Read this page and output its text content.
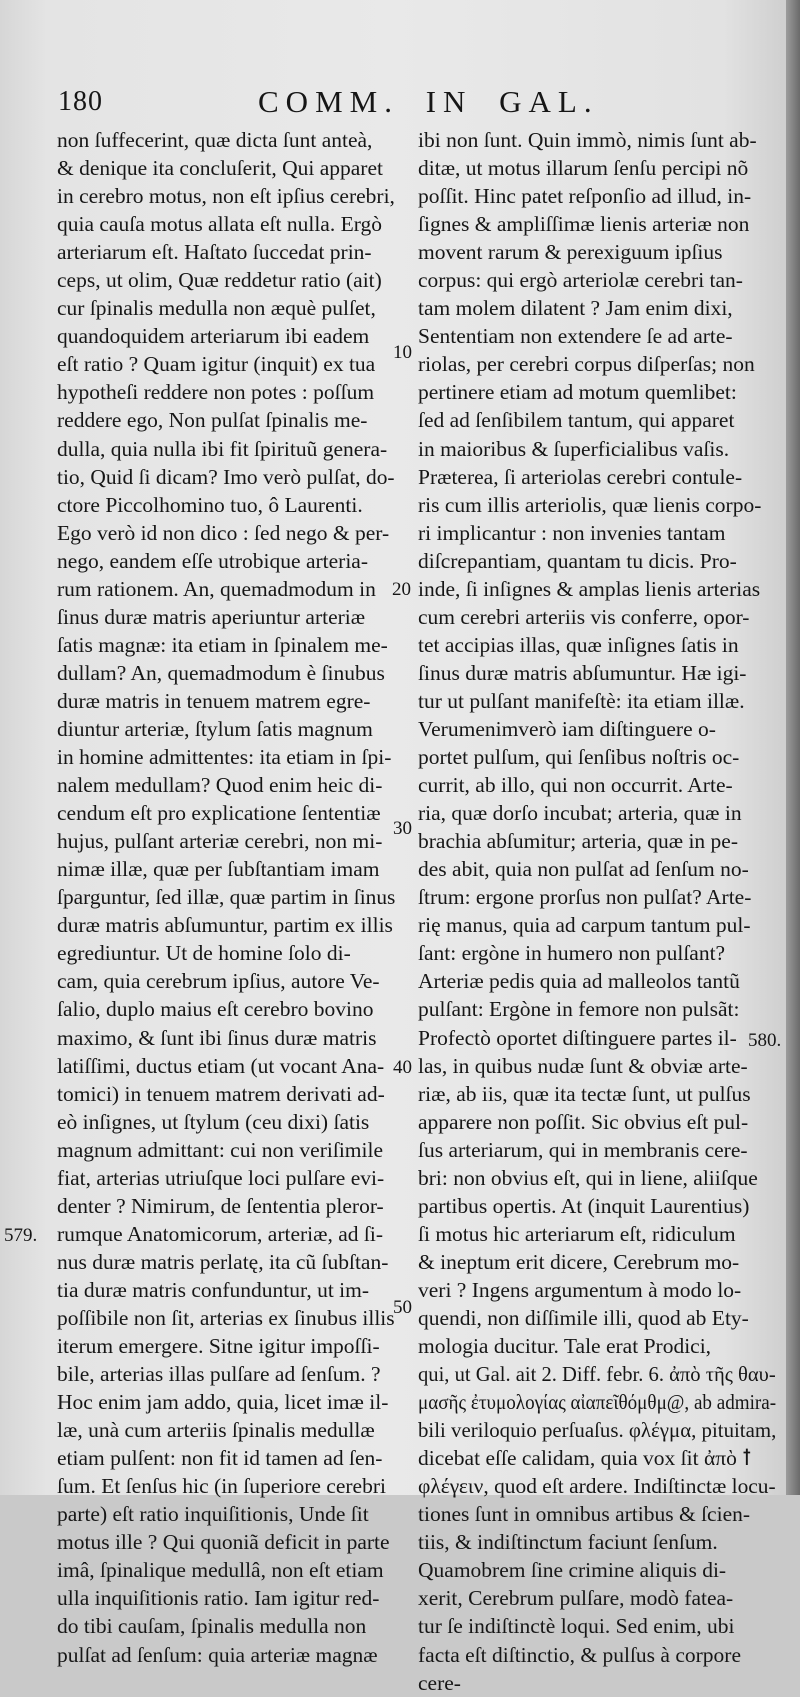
180	COMM. IN GAL.
non ſuffecerint, quæ dicta ſunt anteà,
& denique ita concluſerit, Qui apparet
in cerebro motus, non eſt ipſius cerebri,
quia cauſa motus allata eſt nulla. Ergò
arteriarum eſt. Haſtato ſuccedat prin-
ceps, ut olim, Quæ reddetur ratio (ait)
cur ſpinalis medulla non æquè pulſet,
quandoquidem arteriarum ibi eadem
eſt ratio ? Quam igitur (inquit) ex tua
hypotheſi reddere non potes : poſſum
reddere ego, Non pulſat ſpinalis me-
dulla, quia nulla ibi fit ſpirituũ genera-
tio, Quid ſi dicam? Imo verò pulſat, do-
ctore Piccolhomino tuo, ô Laurenti.
Ego verò id non dico : ſed nego & per-
nego, eandem eſſe utrobique arteria-
rum rationem. An, quemadmodum in
ſinus duræ matris aperiuntur arteriæ
ſatis magnæ: ita etiam in ſpinalem me-
dullam? An, quemadmodum è ſinubus
duræ matris in tenuem matrem egre-
diuntur arteriæ, ſtylum ſatis magnum
in homine admittentes: ita etiam in ſpi-
nalem medullam? Quod enim heic di-
cendum eſt pro explicatione ſententiæ
hujus, pulſant arteriæ cerebri, non mi-
nimæ illæ, quæ per ſubſtantiam imam
ſparguntur, ſed illæ, quæ partim in ſinus
duræ matris abſumuntur, partim ex illis
egrediuntur. Ut de homine ſolo di-
cam, quia cerebrum ipſius, autore Ve-
ſalio, duplo maius eſt cerebro bovino
maximo, & ſunt ibi ſinus duræ matris
latiſſimi, ductus etiam (ut vocant Ana-
tomici) in tenuem matrem derivati ad-
eò inſignes, ut ſtylum (ceu dixi) ſatis
magnum admittant: cui non veriſimile
fiat, arterias utriuſque loci pulſare evi-
denter ? Nimirum, de ſententia pleror-
rumque Anatomicorum, arteriæ, ad ſi-
nus duræ matris perlatę, ita cũ ſubſtan-
tia duræ matris confunduntur, ut im-
poſſibile non ſit, arterias ex ſinubus illis
iterum emergere. Sitne igitur impoſſi-
bile, arterias illas pulſare ad ſenſum. ?
Hoc enim jam addo, quia, licet imæ il-
læ, unà cum arteriis ſpinalis medullæ
etiam pulſent: non fit id tamen ad ſen-
ſum. Et ſenſus hic (in ſuperiore cerebri
parte) eſt ratio inquiſitionis, Unde ſit
motus ille ? Qui quoniã deficit in parte
imâ, ſpinalique medullâ, non eſt etiam
ulla inquiſitionis ratio. Iam igitur red-
do tibi cauſam, ſpinalis medulla non
pulſat ad ſenſum: quia arteriæ magnæ
ibi non ſunt. Quin immò, nimis ſunt ab-
ditæ, ut motus illarum ſenſu percipi nõ
poſſit. Hinc patet reſponſio ad illud, in-
ſignes & ampliſſimæ lienis arteriæ non
movent rarum & perexiguum ipſius
corpus: qui ergò arteriolæ cerebri tan-
tam molem dilatent ? Jam enim dixi,
Sententiam non extendere ſe ad arte-
riolas, per cerebri corpus diſperſas; non
pertinere etiam ad motum quemlibet:
ſed ad ſenſibilem tantum, qui apparet
in maioribus & ſuperficialibus vaſis.
Præterea, ſi arteriolas cerebri contule-
ris cum illis arteriolis, quæ lienis corpo-
ri implicantur : non invenies tantam
diſcrepantiam, quantam tu dicis. Pro-
inde, ſi inſignes & amplas lienis arterias
cum cerebri arteriis vis conferre, opor-
tet accipias illas, quæ inſignes ſatis in
ſinus duræ matris abſumuntur. Hæ igi-
tur ut pulſant manifeſtè: ita etiam illæ.
Verumenimverò iam diſtinguere o-
portet pulſum, qui ſenſibus noſtris oc-
currit, ab illo, qui non occurrit. Arte-
ria, quæ dorſo incubat; arteria, quæ in
brachia abſumitur; arteria, quæ in pe-
des abit, quia non pulſat ad ſenſum no-
ſtrum: ergone prorſus non pulſat? Arte-
rię manus, quia ad carpum tantum pul-
ſant: ergòne in humero non pulſant?
Arteriæ pedis quia ad malleolos tantũ
pulſant: Ergòne in femore non pulsãt:
Profectò oportet diſtinguere partes il-
las, in quibus nudæ ſunt & obviæ arte-
riæ, ab iis, quæ ita tectæ ſunt, ut pulſus
apparere non poſſit. Sic obvius eſt pul-
ſus arteriarum, qui in membranis cere-
bri: non obvius eſt, qui in liene, aliiſque
partibus opertis. At (inquit Laurentius)
ſi motus hic arteriarum eſt, ridiculum
& ineptum erit dicere, Cerebrum mo-
veri ? Ingens argumentum à modo lo-
quendi, non diſſimile illi, quod ab Ety-
mologia ducitur. Tale erat Prodici,
qui, ut Gal. ait 2. Diff. febr. 6. ἀπὸ τῆς θαυ-
μασῆς ἐτυμολογίας αἰαπεῖθόμθμ@, ab admira-
bili veriloquio perſuaſus. φλέγμα, pituitam,
dicebat eſſe calidam, quia vox ſit ἀπὸ ꝉ
φλέγειν, quod eſt ardere. Indiſtinctæ locu-
tiones ſunt in omnibus artibus & ſcien-
tiis, & indiſtinctum faciunt ſenſum.
Quamobrem ſine crimine aliquis di-
xerit, Cerebrum pulſare, modò fatea-
tur ſe indiſtinctè loqui. Sed enim, ubi
facta eſt diſtinctio, & pulſus à corpore
cere-
10
20
30
40
50
579.
580.
